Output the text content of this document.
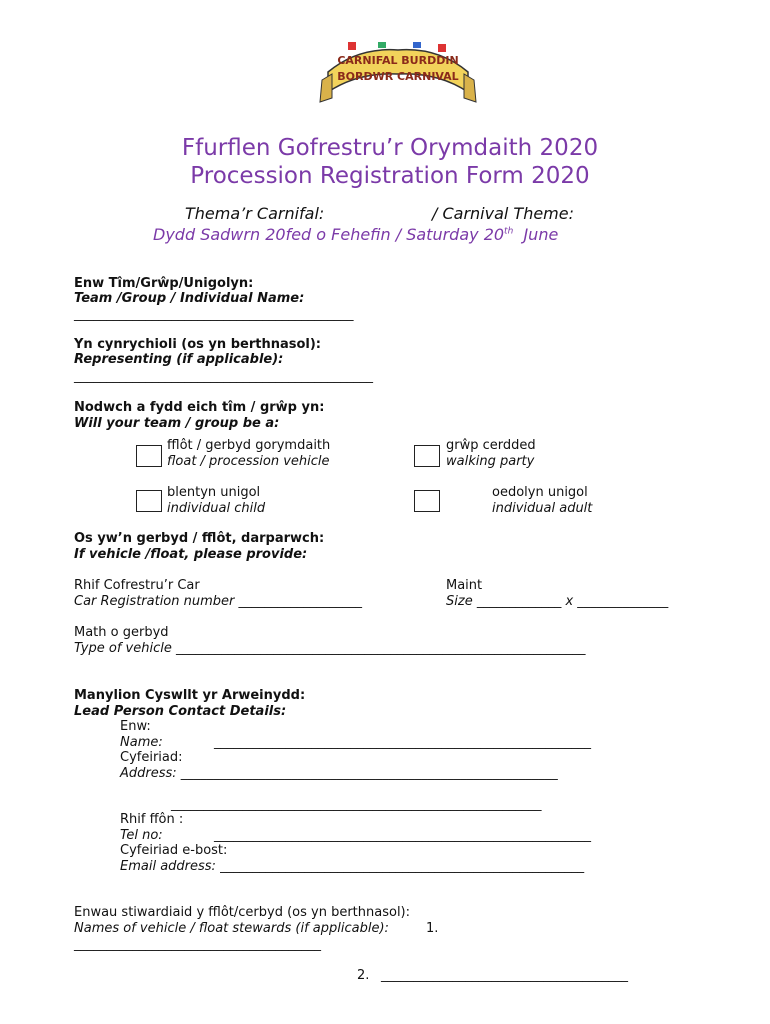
CARNIFAL BURDDIN
BORDWR CARNIVAL
Ffurflen Gofrestru’r Orymdaith 2020
Procession Registration Form 2020
Thema’r Carnifal:	/ Carnival Theme:
Dydd Sadwrn 20fed o Fehefin / Saturday 20th June
Enw Tîm/Grŵp/Unigolyn:
Team /Group / Individual Name:
___________________________________________
Yn cynrychioli (os yn berthnasol):
Representing (if applicable):
______________________________________________
Nodwch a fydd eich tîm / grŵp yn:
Will your team / group be a:
fflôt / gerbyd gorymdaith
float / procession vehicle
grŵp cerdded
walking party
blentyn unigol
individual child
oedolyn unigol
individual adult
Os yw’n gerbyd / fflôt, darparwch:
If vehicle /float, please provide:
Rhif Cofrestru’r Car
Car Registration number ___________________
Maint
Size _____________ x ______________
Math o gerbyd
Type of vehicle _______________________________________________________________
Manylion Cyswllt yr Arweinydd:
Lead Person Contact Details:
Enw:
Name:	__________________________________________________________
Cyfeiriad:
Address: __________________________________________________________
_________________________________________________________
Rhif ffôn :
Tel no:	__________________________________________________________
Cyfeiriad e-bost:
Email address: ________________________________________________________
Enwau stiwardiaid y fflôt/cerbyd (os yn berthnasol):
Names of vehicle / float stewards (if applicable):	1.
______________________________________
2. ______________________________________
